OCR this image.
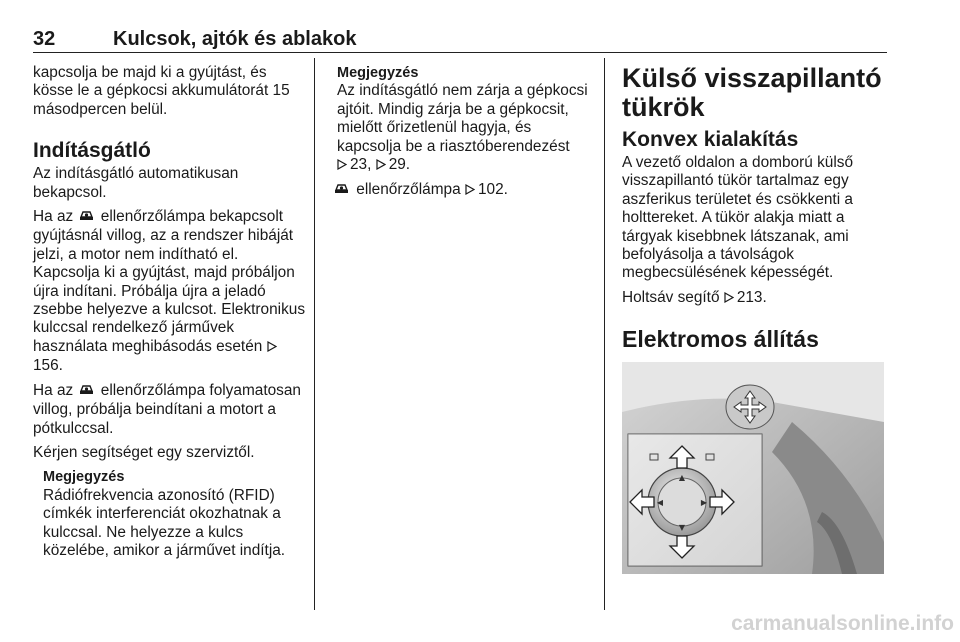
32	Kulcsok, ajtók és ablakok

kapcsolja be majd ki a gyújtást, és kösse le a gépkocsi akkumulátorát 15 másodpercen belül.

Indításgátló

Az indításgátló automatikusan bekapcsol.

Ha az ellenőrzőlámpa bekapcsolt gyújtásnál villog, az a rendszer hibáját jelzi, a motor nem indítható el. Kapcsolja ki a gyújtást, majd próbáljon újra indítani. Próbálja újra a jeladó zsebbe helyezve a kulcsot. Elektronikus kulccsal rendelkező járművek használata meghibásodás esetén 156.

Ha az ellenőrzőlámpa folyamatosan villog, próbálja beindítani a motort a pótkulccsal.

Kérjen segítséget egy szerviztől.

Megjegyzés
Rádiófrekvencia azonosító (RFID) címkék interferenciát okozhatnak a kulccsal. Ne helyezze a kulcs közelébe, amikor a járművet indítja.
Megjegyzés
Az indításgátló nem zárja a gépkocsi ajtóit. Mindig zárja be a gépkocsit, mielőtt őrizetlenül hagyja, és kapcsolja be a riasztóberendezést
23, 29.

ellenőrzőlámpa 102.

Külső visszapillantó tükrök
Konvex kialakítás

A vezető oldalon a domború külső visszapillantó tükör tartalmaz egy aszferikus területet és csökkenti a holttereket. A tükör alakja miatt a tárgyak kisebbnek látszanak, ami befolyásolja a távolságok megbecsülésének képességét.

Holtsáv segítő 213.

Elektromos állítás
▲
▼
◀	▶
carmanualsonline.info
